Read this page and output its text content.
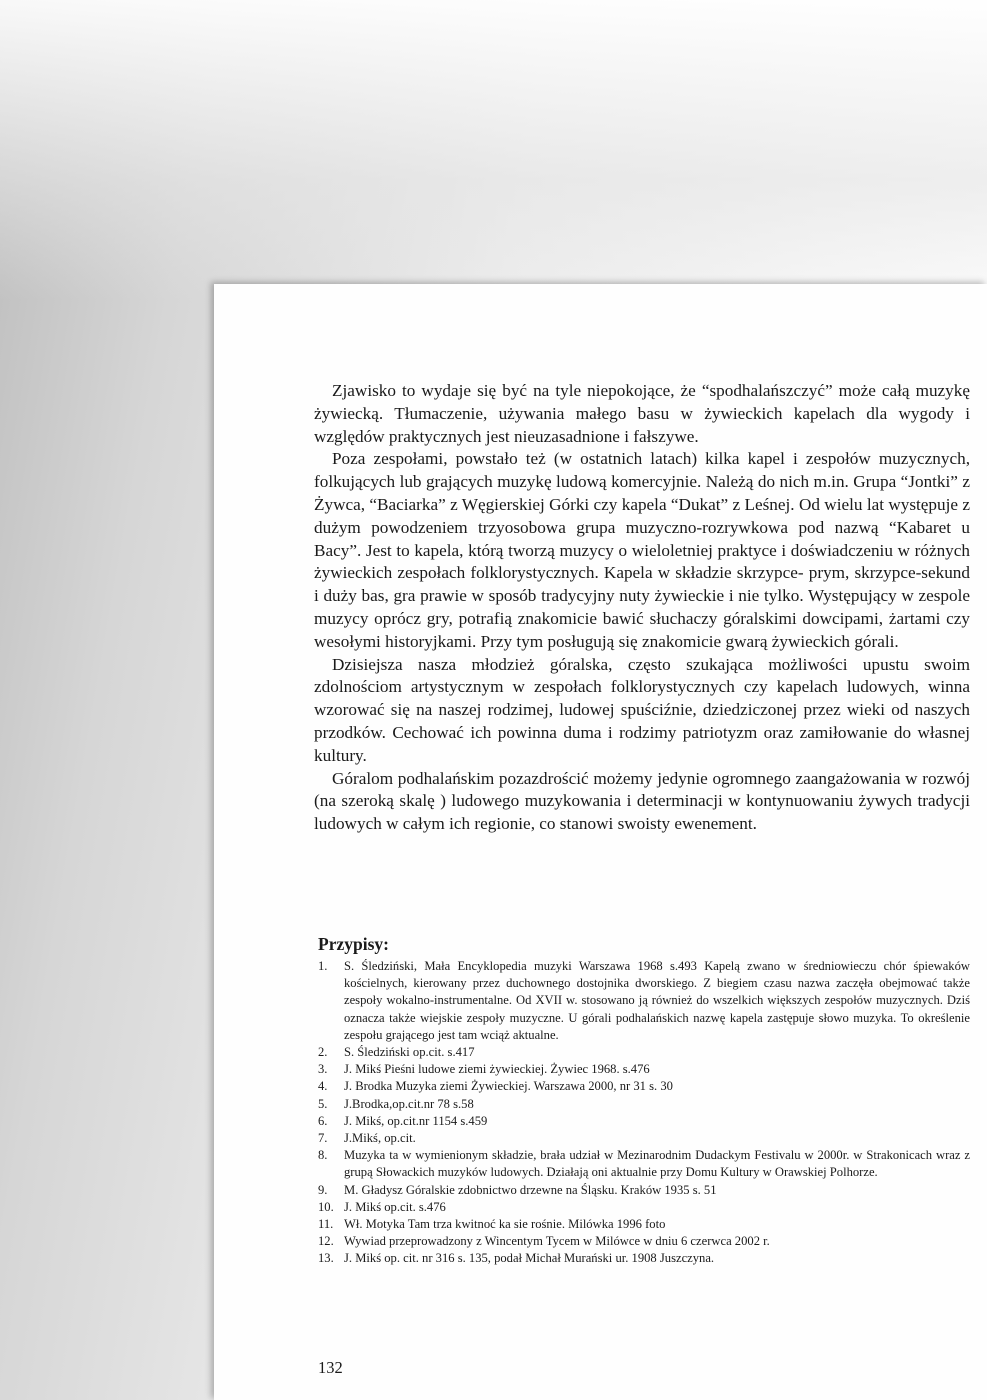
Zjawisko to wydaje się być na tyle niepokojące, że “spodhalańszczyć” może całą muzykę żywiecką. Tłumaczenie, używania małego basu w żywieckich kapelach dla wygody i względów praktycznych jest nieuzasadnione i fałszywe.

Poza zespołami, powstało też (w ostatnich latach) kilka kapel i zespołów muzycznych, folkujących lub grających muzykę ludową komercyjnie. Należą do nich m.in. Grupa “Jontki” z Żywca, “Baciarka” z Węgierskiej Górki czy kapela “Dukat” z Leśnej. Od wielu lat występuje z dużym powodzeniem trzyosobowa grupa muzyczno-rozrywkowa pod nazwą “Kabaret u Bacy”. Jest to kapela, którą tworzą muzycy o wieloletniej praktyce i doświadczeniu w różnych żywieckich zespołach folklorystycznych. Kapela w składzie skrzypce- prym, skrzypce-sekund i duży bas, gra prawie w sposób tradycyjny nuty żywieckie i nie tylko. Występujący w zespole muzycy oprócz gry, potrafią znakomicie bawić słuchaczy góralskimi dowcipami, żartami czy wesołymi historyjkami. Przy tym posługują się znakomicie gwarą żywieckich górali.

Dzisiejsza nasza młodzież góralska, często szukająca możliwości upustu swoim zdolnościom artystycznym w zespołach folklorystycznych czy kapelach ludowych, winna wzorować się na naszej rodzimej, ludowej spuściźnie, dziedziczonej przez wieki od naszych przodków. Cechować ich powinna duma i rodzimy patriotyzm oraz zamiłowanie do własnej kultury.

Góralom podhalańskim pozazdrościć możemy jedynie ogromnego zaangażowania w rozwój (na szeroką skalę ) ludowego muzykowania i determinacji w kontynuowaniu żywych tradycji ludowych w całym ich regionie, co stanowi swoisty ewenement.

Przypisy:
1.	S. Śledziński, Mała Encyklopedia muzyki Warszawa 1968 s.493 Kapelą zwano w średniowieczu chór śpiewaków kościelnych, kierowany przez duchownego dostojnika dworskiego. Z biegiem czasu nazwa zaczęła obejmować także zespoły wokalno-instrumentalne. Od XVII w. stosowano ją również do wszelkich większych zespołów muzycznych. Dziś oznacza także wiejskie zespoły muzyczne. U górali podhalańskich nazwę kapela zastępuje słowo muzyka. To określenie zespołu grającego jest tam wciąż aktualne.
2.	S. Śledziński op.cit. s.417
3.	J. Mikś Pieśni ludowe ziemi żywieckiej. Żywiec 1968. s.476
4.	J. Brodka Muzyka ziemi Żywieckiej. Warszawa 2000, nr 31 s. 30
5.	J.Brodka,op.cit.nr 78 s.58
6.	J. Mikś, op.cit.nr 1154 s.459
7.	J.Mikś, op.cit.
8.	Muzyka ta w wymienionym składzie, brała udział w Mezinarodnim Dudackym Festivalu w 2000r. w Strakonicach wraz z grupą Słowackich muzyków ludowych. Działają oni aktualnie przy Domu Kultury w Orawskiej Polhorze.
9.	M. Gładysz Góralskie zdobnictwo drzewne na Śląsku. Kraków 1935 s. 51
10. J. Mikś op.cit. s.476
11. Wł. Motyka Tam trza kwitnoć ka sie rośnie. Milówka 1996 foto
12. Wywiad przeprowadzony z Wincentym Tycem w Milówce w dniu 6 czerwca 2002 r.
13. J. Mikś op. cit. nr 316 s. 135, podał Michał Murański ur. 1908 Juszczyna.
132
